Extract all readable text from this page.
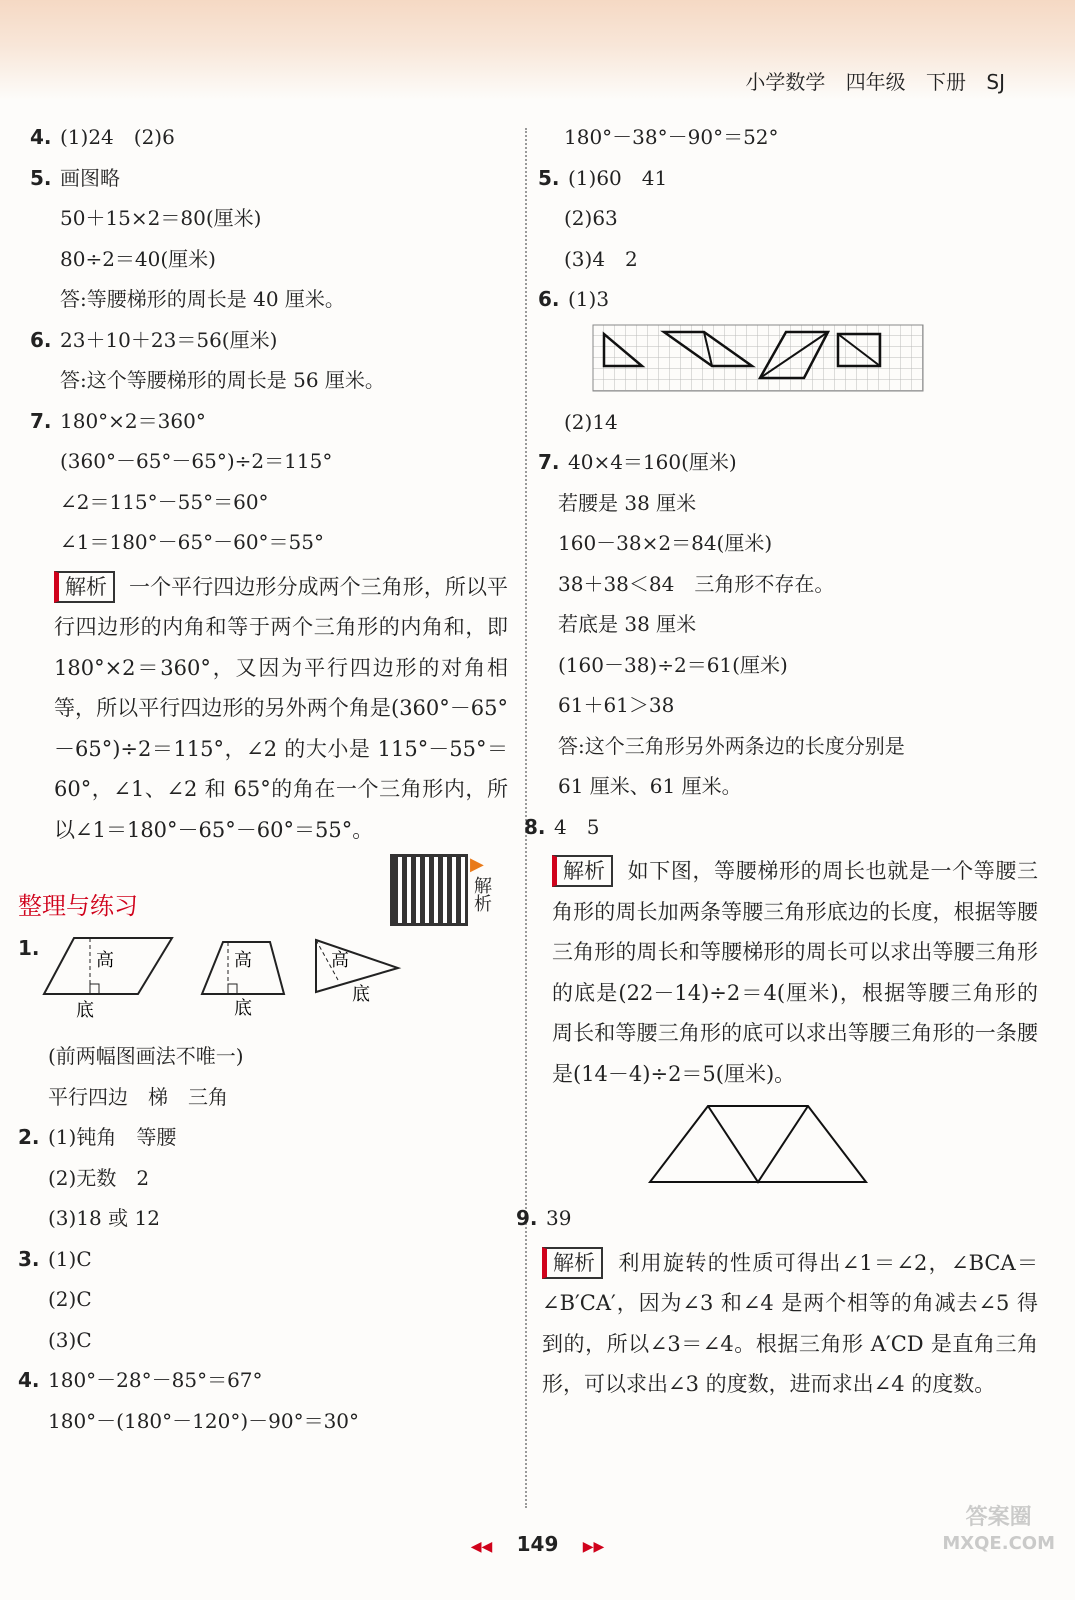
小学数学 四年级 下册 SJ
4. (1)24　(2)6
5. 画图略
50＋15×2＝80(厘米)
80÷2＝40(厘米)
答:等腰梯形的周长是 40 厘米。
6. 23＋10＋23＝56(厘米)
答:这个等腰梯形的周长是 56 厘米。
7. 180°×2＝360°
(360°－65°－65°)÷2＝115°
∠2＝115°－55°＝60°
∠1＝180°－65°－60°＝55°
解析 一个平行四边形分成两个三角形，所以平行四边形的内角和等于两个三角形的内角和，即 180°×2＝360°，又因为平行四边形的对角相等，所以平行四边形的另外两个角是(360°－65°－65°)÷2＝115°，∠2 的大小是 115°－55°＝60°，∠1、∠2 和 65°的角在一个三角形内，所以∠1＝180°－65°－60°＝55°。
整理与练习
▶
解析
1.
高
底
高
底
高
底
(前两幅图画法不唯一)
平行四边　梯　三角
2. (1)钝角　等腰
(2)无数　2
(3)18 或 12
3. (1)C
(2)C
(3)C
4. 180°－28°－85°＝67°
180°－(180°－120°)－90°＝30°
180°－38°－90°＝52°
5. (1)60　41
(2)63
(3)4　2
6. (1)3
(2)14
7. 40×4＝160(厘米)
若腰是 38 厘米
160－38×2＝84(厘米)
38＋38＜84　三角形不存在。
若底是 38 厘米
(160－38)÷2＝61(厘米)
61＋61＞38
答:这个三角形另外两条边的长度分别是
61 厘米、61 厘米。
8. 4　5
解析 如下图，等腰梯形的周长也就是一个等腰三角形的周长加两条等腰三角形底边的长度，根据等腰三角形的周长和等腰梯形的周长可以求出等腰三角形的底是(22－14)÷2＝4(厘米)，根据等腰三角形的周长和等腰三角形的底可以求出等腰三角形的一条腰是(14－4)÷2＝5(厘米)。
9. 39
解析 利用旋转的性质可得出∠1＝∠2，∠BCA＝∠B′CA′，因为∠3 和∠4 是两个相等的角减去∠5 得到的，所以∠3＝∠4。根据三角形 A′CD 是直角三角形，可以求出∠3 的度数，进而求出∠4 的度数。
◀◀ 149 ▶▶
答案圈
MXQE.COM
